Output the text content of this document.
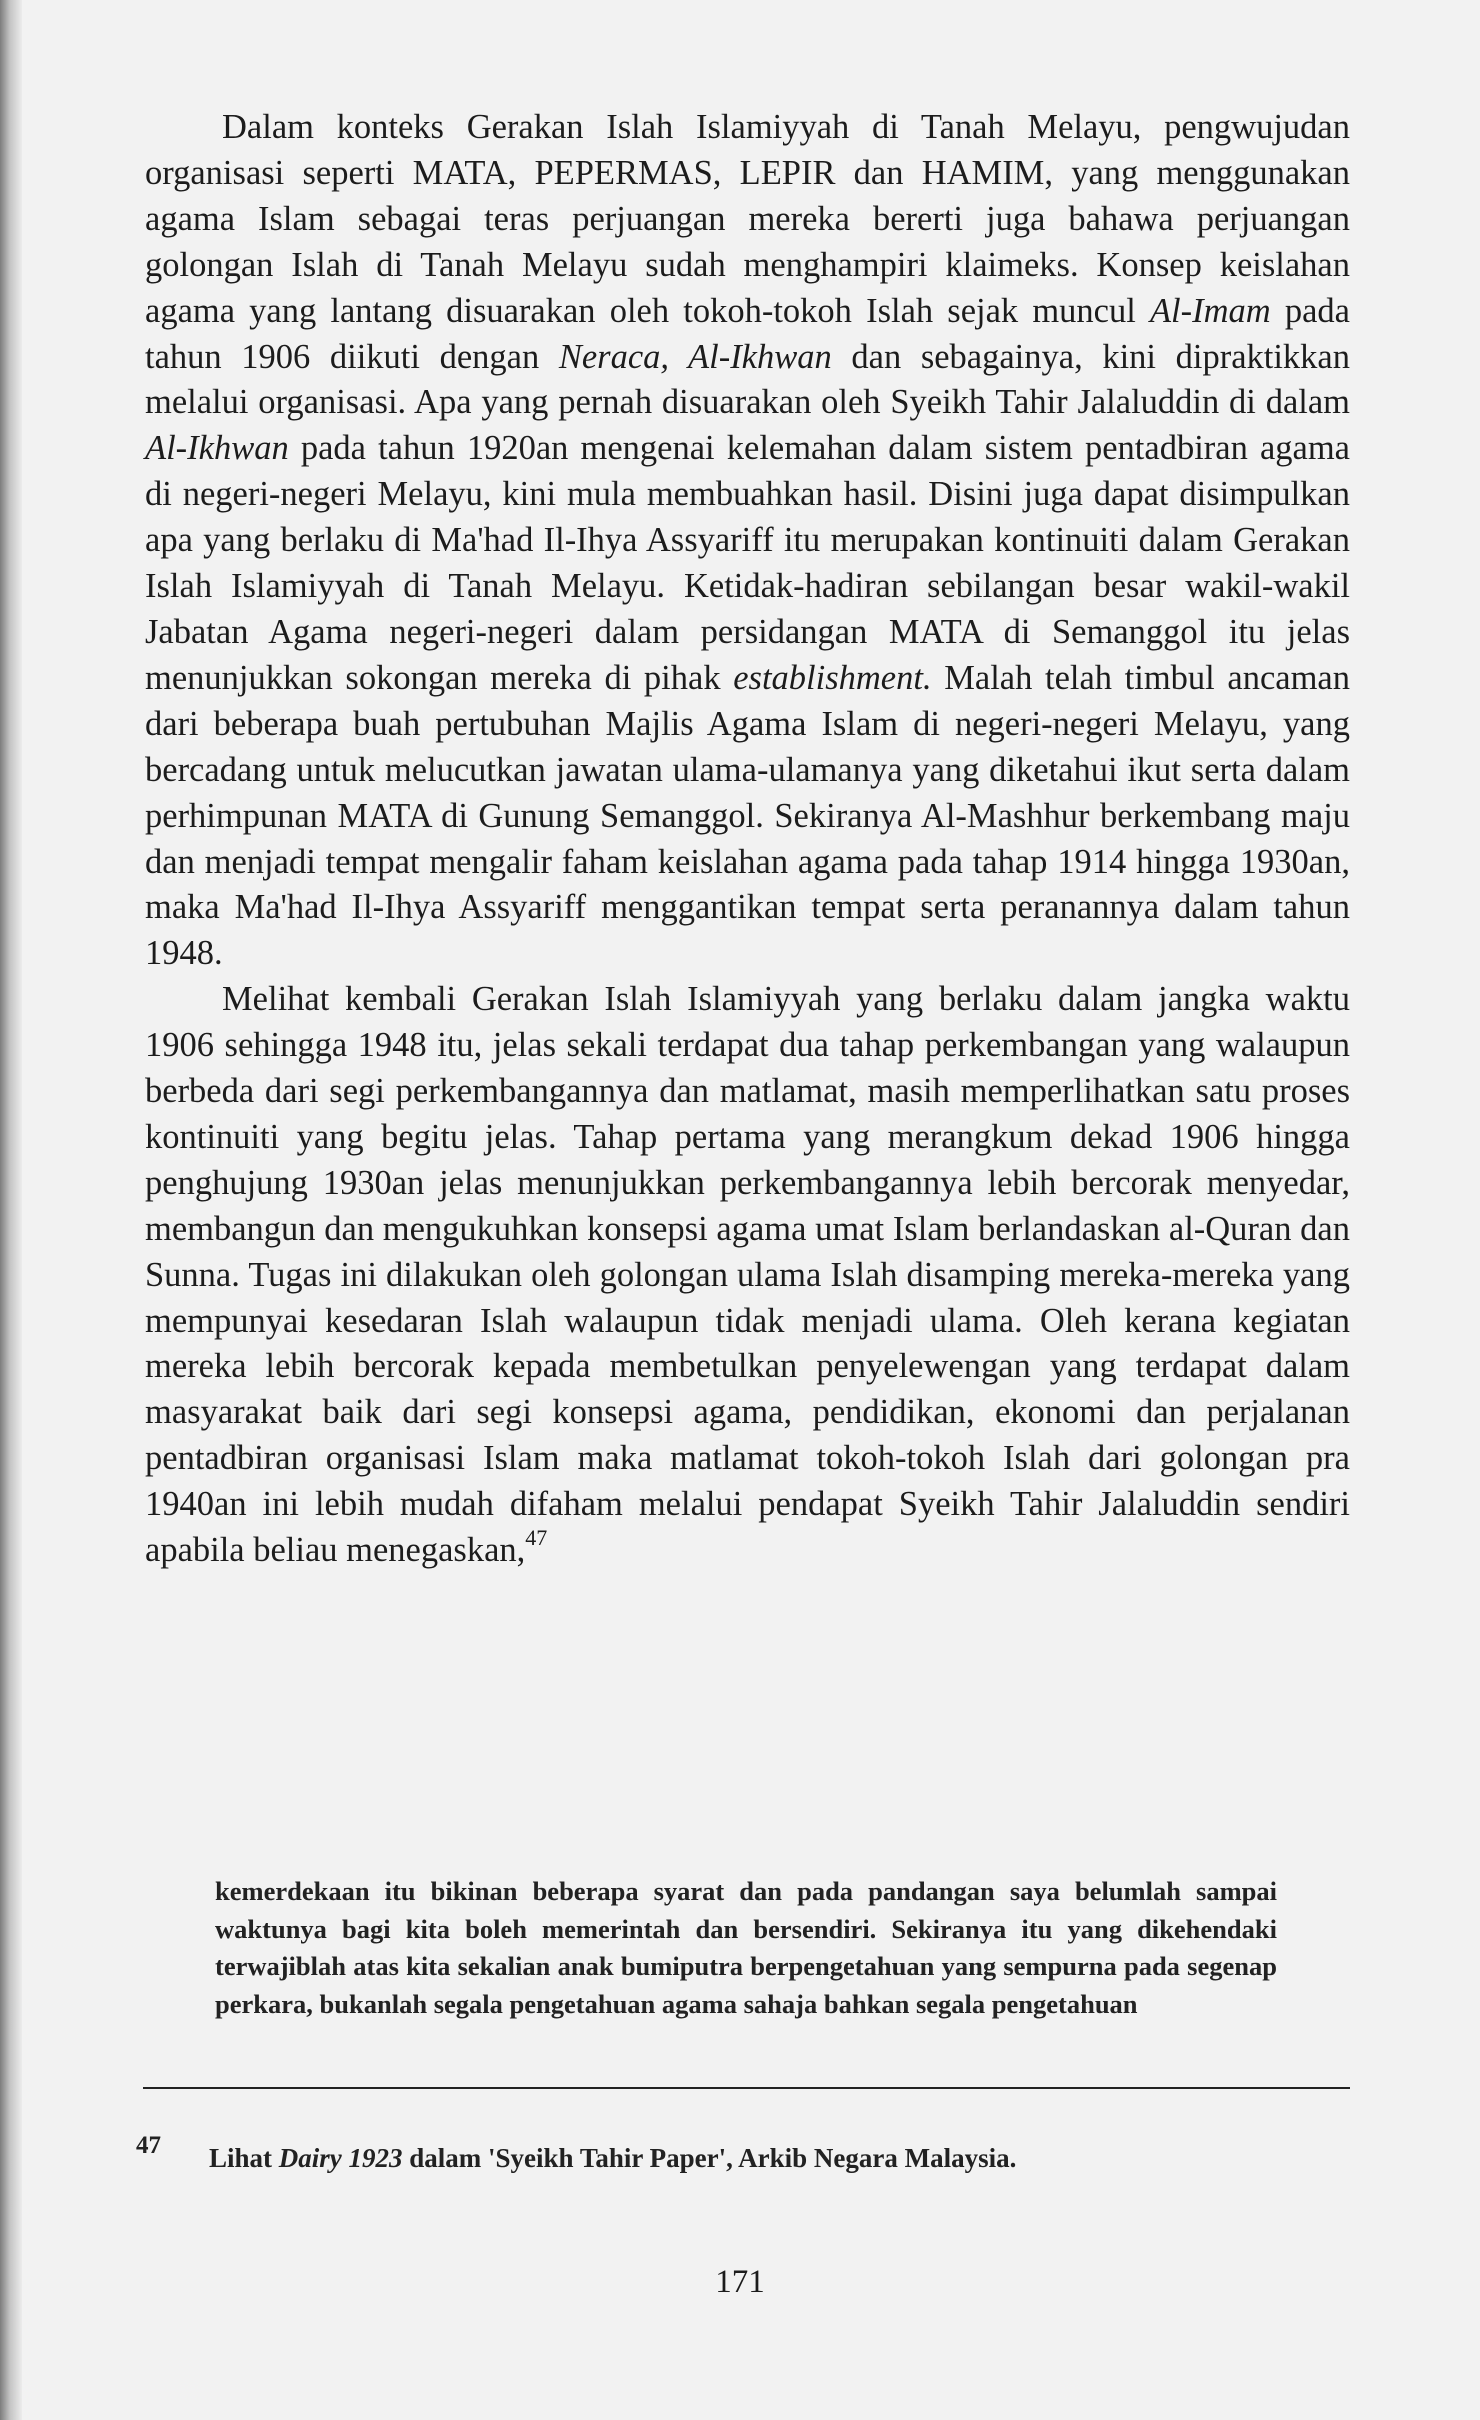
Dalam konteks Gerakan Islah Islamiyyah di Tanah Melayu, pengwujudan organisasi seperti MATA, PEPERMAS, LEPIR dan HAMIM, yang menggunakan agama Islam sebagai teras perjuangan mereka bererti juga bahawa perjuangan golongan Islah di Tanah Melayu sudah menghampiri klaimeks. Konsep keislahan agama yang lantang disuarakan oleh tokoh-tokoh Islah sejak muncul Al-Imam pada tahun 1906 diikuti dengan Neraca, Al-Ikhwan dan sebagainya, kini dipraktikkan melalui organisasi. Apa yang pernah disuarakan oleh Syeikh Tahir Jalaluddin di dalam Al-Ikhwan pada tahun 1920an mengenai kelemahan dalam sistem pentadbiran agama di negeri-negeri Melayu, kini mula membuahkan hasil. Disini juga dapat disimpulkan apa yang berlaku di Ma'had Il-Ihya Assyariff itu merupakan kontinuiti dalam Gerakan Islah Islamiyyah di Tanah Melayu. Ketidak-hadiran sebilangan besar wakil-wakil Jabatan Agama negeri-negeri dalam persidangan MATA di Semanggol itu jelas menunjukkan sokongan mereka di pihak establishment. Malah telah timbul ancaman dari beberapa buah pertubuhan Majlis Agama Islam di negeri-negeri Melayu, yang bercadang untuk melucutkan jawatan ulama-ulamanya yang diketahui ikut serta dalam perhimpunan MATA di Gunung Semanggol. Sekiranya Al-Mashhur berkembang maju dan menjadi tempat mengalir faham keislahan agama pada tahap 1914 hingga 1930an, maka Ma'had Il-Ihya Assyariff menggantikan tempat serta peranannya dalam tahun 1948.

Melihat kembali Gerakan Islah Islamiyyah yang berlaku dalam jangka waktu 1906 sehingga 1948 itu, jelas sekali terdapat dua tahap perkembangan yang walaupun berbeda dari segi perkembangannya dan matlamat, masih memperlihatkan satu proses kontinuiti yang begitu jelas. Tahap pertama yang merangkum dekad 1906 hingga penghujung 1930an jelas menunjukkan perkembangannya lebih bercorak menyedar, membangun dan mengukuhkan konsepsi agama umat Islam berlandaskan al-Quran dan Sunna. Tugas ini dilakukan oleh golongan ulama Islah disamping mereka-mereka yang mempunyai kesedaran Islah walaupun tidak menjadi ulama. Oleh kerana kegiatan mereka lebih bercorak kepada membetulkan penyelewengan yang terdapat dalam masyarakat baik dari segi konsepsi agama, pendidikan, ekonomi dan perjalanan pentadbiran organisasi Islam maka matlamat tokoh-tokoh Islah dari golongan pra 1940an ini lebih mudah difaham melalui pendapat Syeikh Tahir Jalaluddin sendiri apabila beliau menegaskan,$^{47}$

kemerdekaan itu bikinan beberapa syarat dan pada pandangan saya belumlah sampai waktunya bagi kita boleh memerintah dan bersendiri. Sekiranya itu yang dikehendaki terwajiblah atas kita sekalian anak bumiputra berpengetahuan yang sempurna pada segenap perkara, bukanlah segala pengetahuan agama sahaja bahkan segala pengetahuan

47 Lihat Dairy 1923 dalam 'Syeikh Tahir Paper', Arkib Negara Malaysia.
171
